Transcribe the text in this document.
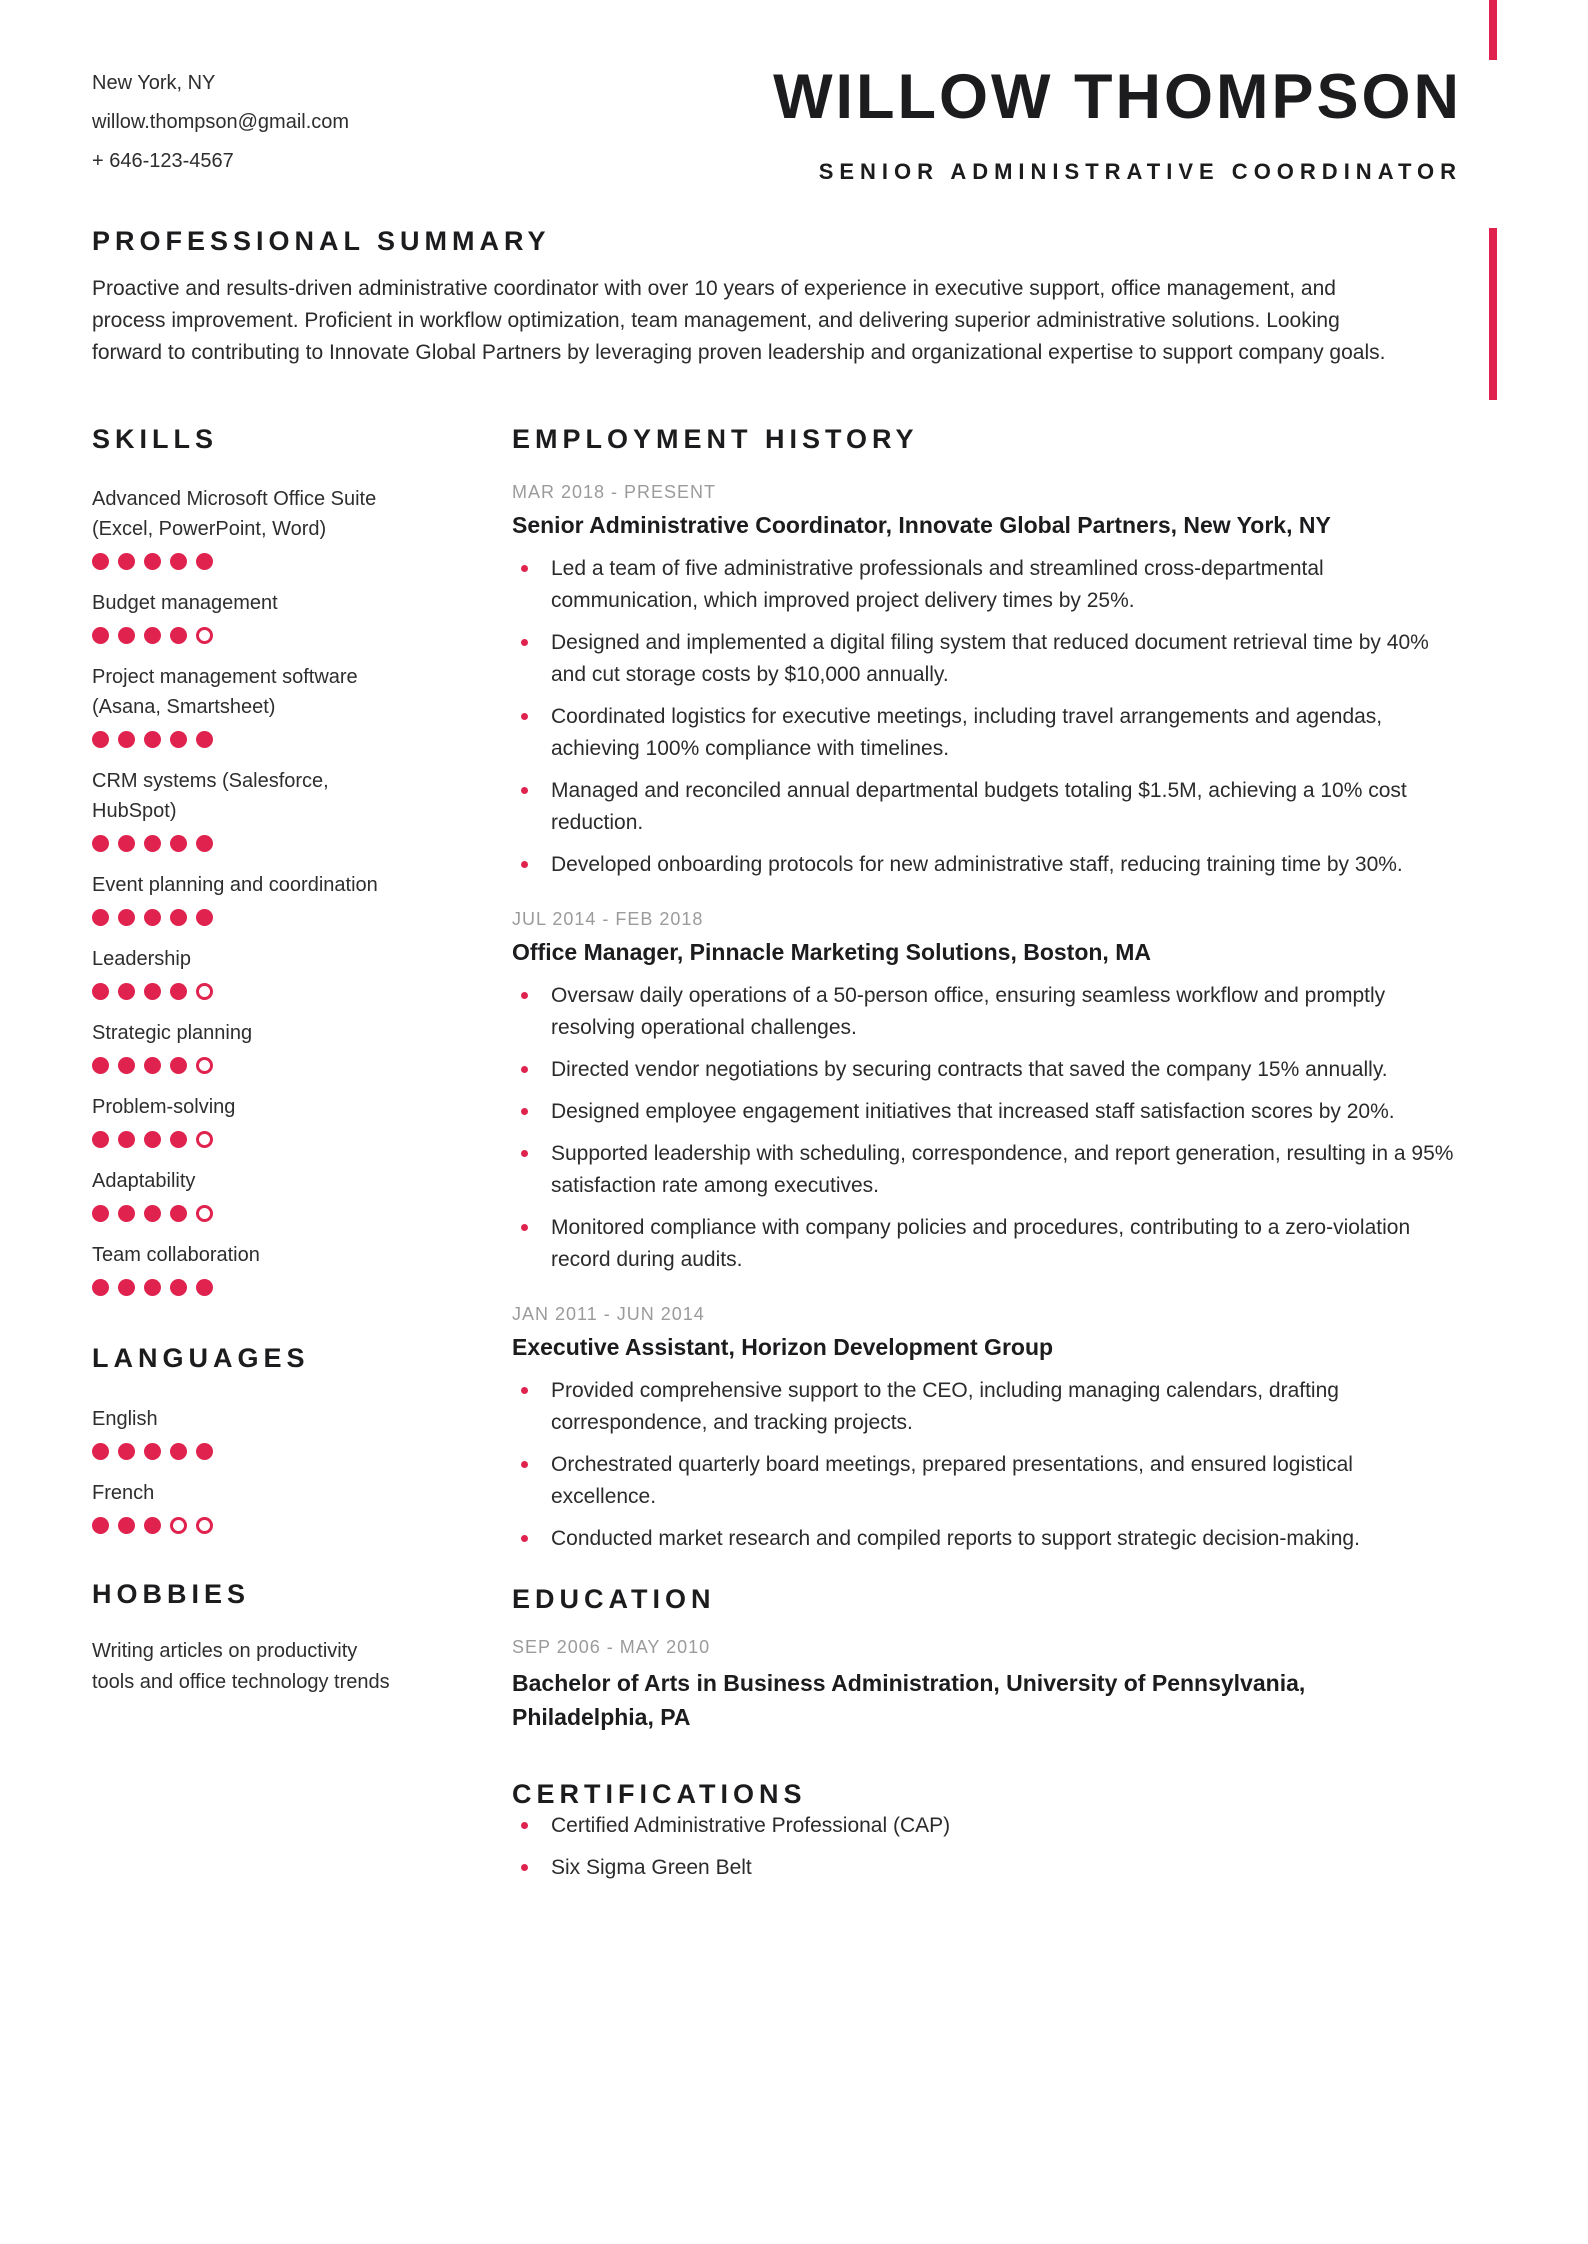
New York, NY
willow.thompson@gmail.com
+ 646-123-4567
WILLOW THOMPSON
SENIOR ADMINISTRATIVE COORDINATOR
PROFESSIONAL SUMMARY

Proactive and results-driven administrative coordinator with over 10 years of experience in executive support, office management, and process improvement. Proficient in workflow optimization, team management, and delivering superior administrative solutions. Looking forward to contributing to Innovate Global Partners by leveraging proven leadership and organizational expertise to support company goals.

SKILLS
Advanced Microsoft Office Suite (Excel, PowerPoint, Word)
Budget management
Project management software (Asana, Smartsheet)
CRM systems (Salesforce, HubSpot)
Event planning and coordination
Leadership
Strategic planning
Problem-solving
Adaptability
Team collaboration
LANGUAGES
English
French
HOBBIES
Writing articles on productivity tools and office technology trends
EMPLOYMENT HISTORY
MAR 2018 - PRESENT
Senior Administrative Coordinator, Innovate Global Partners, New York, NY
Led a team of five administrative professionals and streamlined cross-departmental communication, which improved project delivery times by 25%.
Designed and implemented a digital filing system that reduced document retrieval time by 40% and cut storage costs by $10,000 annually.
Coordinated logistics for executive meetings, including travel arrangements and agendas, achieving 100% compliance with timelines.
Managed and reconciled annual departmental budgets totaling $1.5M, achieving a 10% cost reduction.
Developed onboarding protocols for new administrative staff, reducing training time by 30%.
JUL 2014 - FEB 2018
Office Manager, Pinnacle Marketing Solutions, Boston, MA
Oversaw daily operations of a 50-person office, ensuring seamless workflow and promptly resolving operational challenges.
Directed vendor negotiations by securing contracts that saved the company 15% annually.
Designed employee engagement initiatives that increased staff satisfaction scores by 20%.
Supported leadership with scheduling, correspondence, and report generation, resulting in a 95% satisfaction rate among executives.
Monitored compliance with company policies and procedures, contributing to a zero-violation record during audits.
JAN 2011 - JUN 2014
Executive Assistant, Horizon Development Group
Provided comprehensive support to the CEO, including managing calendars, drafting correspondence, and tracking projects.
Orchestrated quarterly board meetings, prepared presentations, and ensured logistical excellence.
Conducted market research and compiled reports to support strategic decision-making.
EDUCATION
SEP 2006 - MAY 2010
Bachelor of Arts in Business Administration, University of Pennsylvania, Philadelphia, PA
CERTIFICATIONS
Certified Administrative Professional (CAP)
Six Sigma Green Belt
